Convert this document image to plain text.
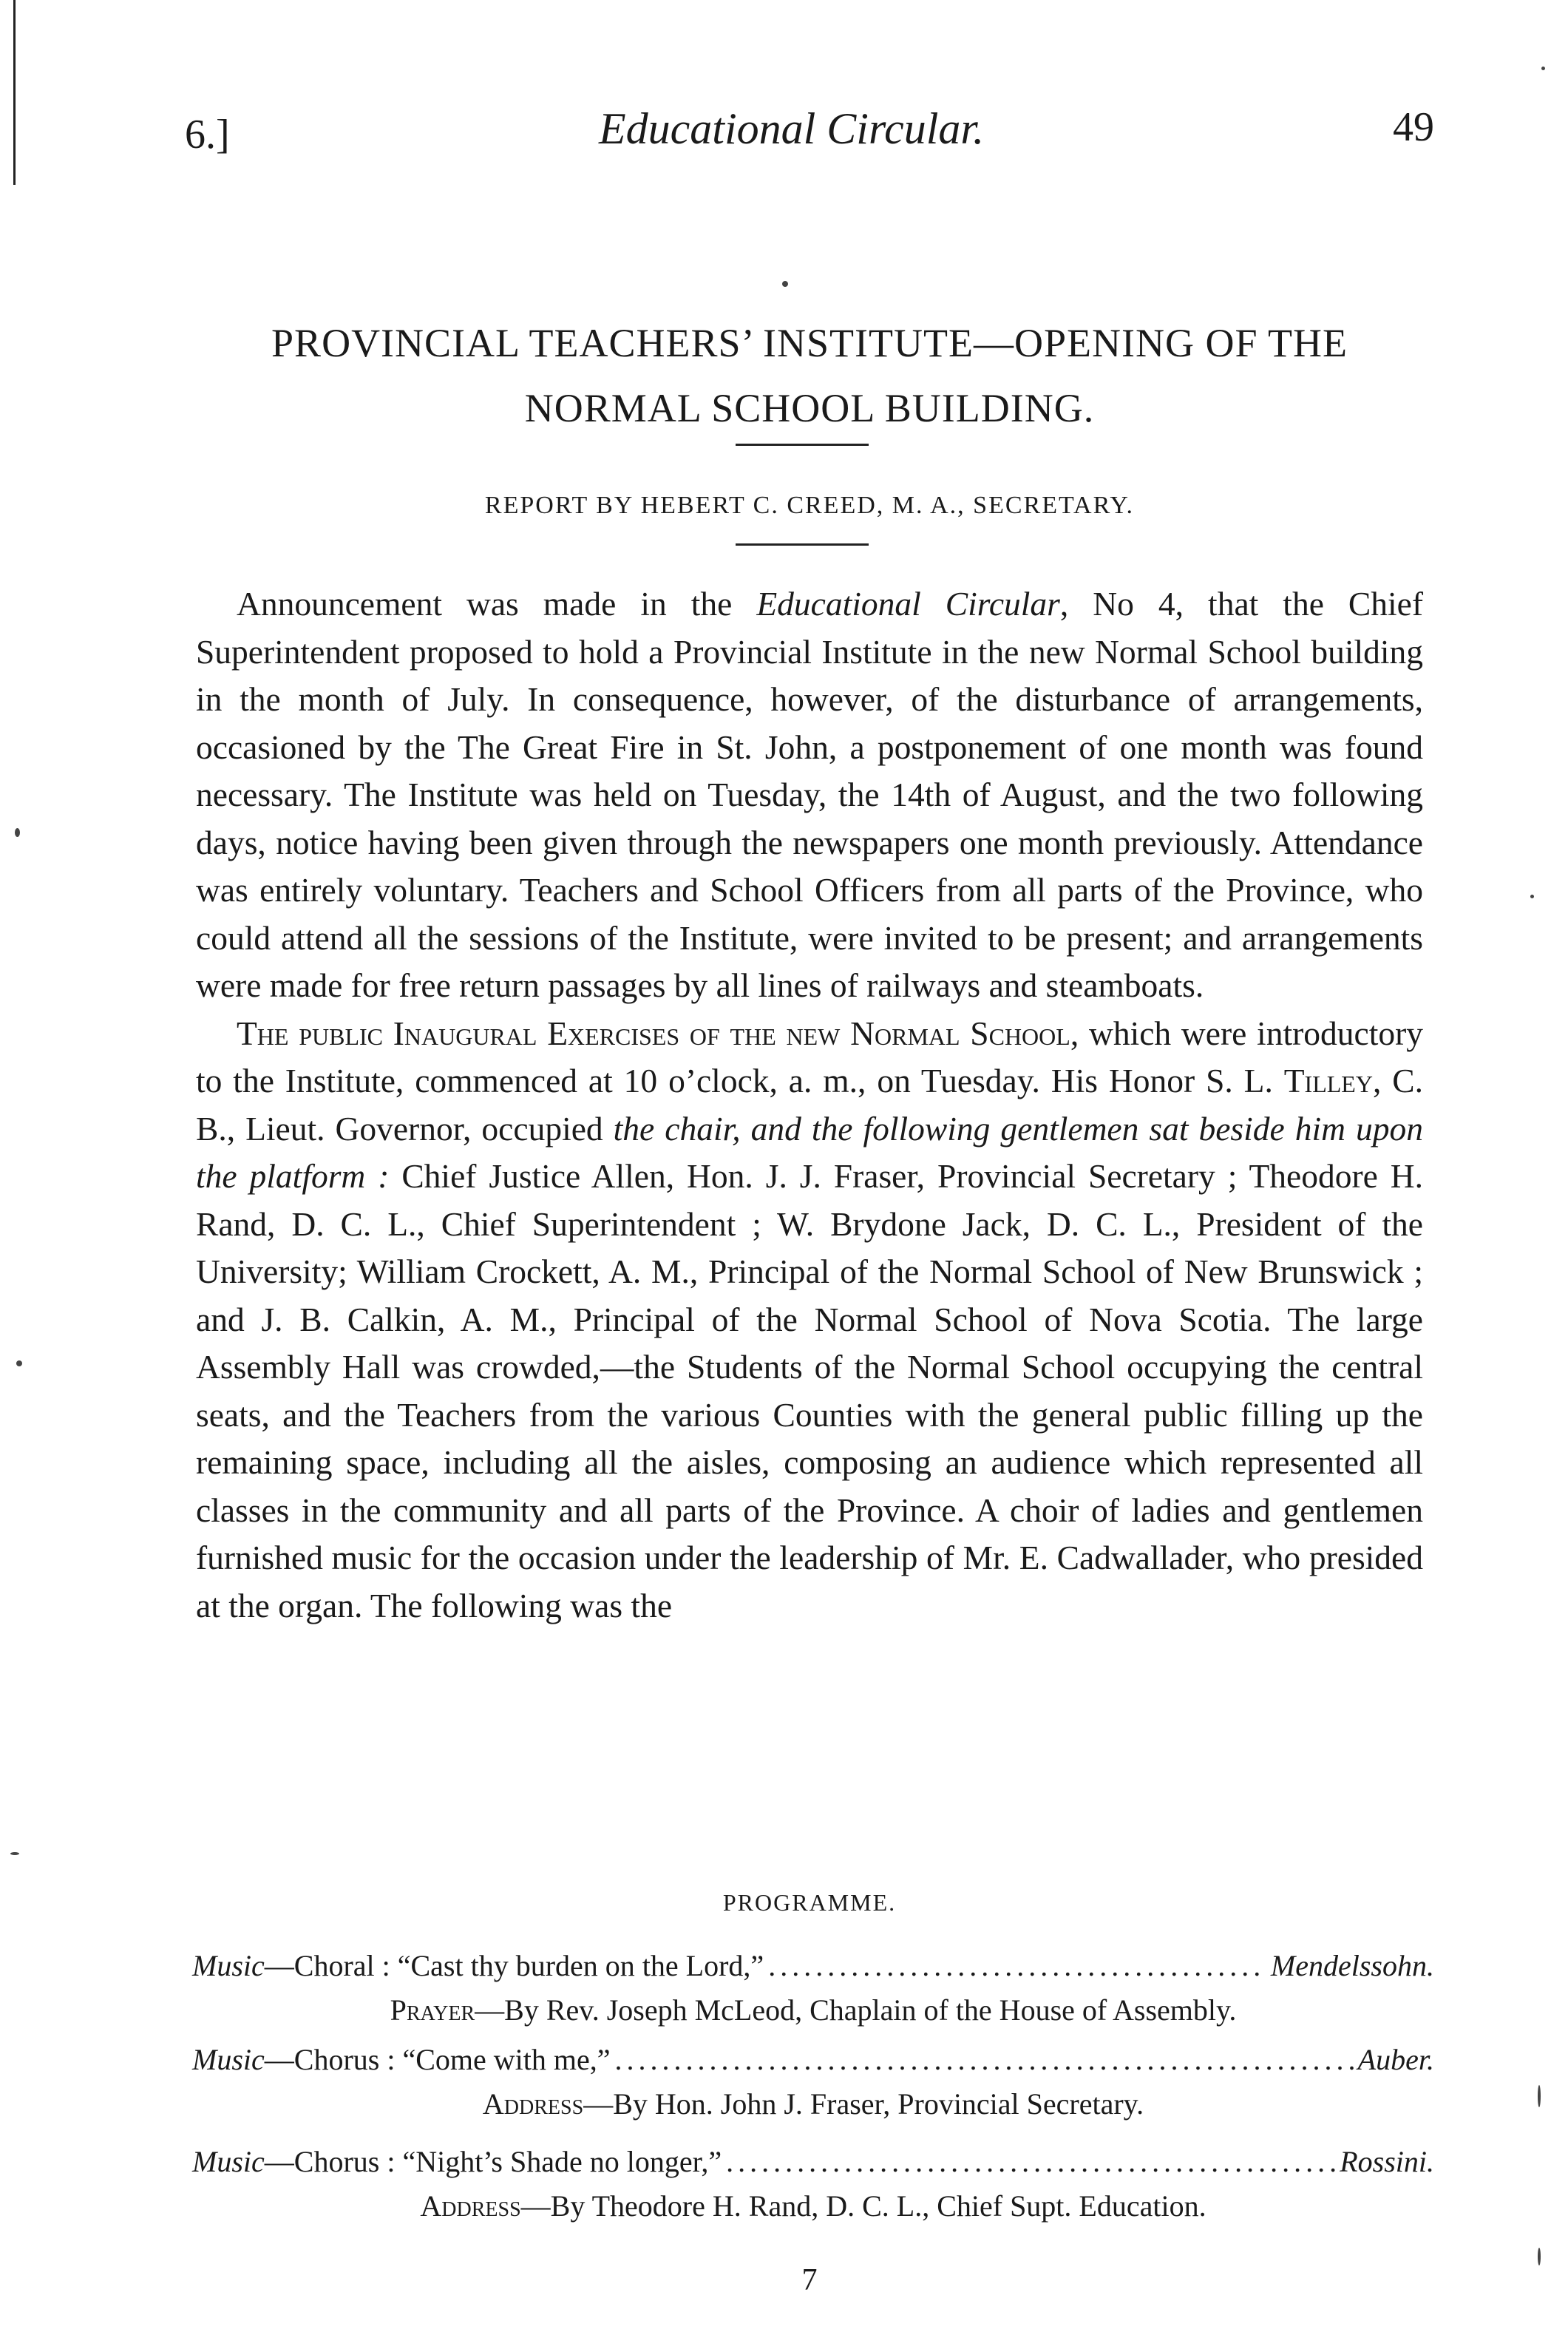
6.]	Educational Circular.	49
PROVINCIAL TEACHERS’ INSTITUTE—OPENING OF THE
NORMAL SCHOOL BUILDING.
REPORT BY HEBERT C. CREED, M. A., SECRETARY.

Announcement was made in the Educational Circular, No 4, that the Chief Superintendent proposed to hold a Provincial Institute in the new Normal School building in the month of July. In consequence, however, of the disturbance of arrangements, occasioned by the The Great Fire in St. John, a postponement of one month was found necessary. The Institute was held on Tuesday, the 14th of August, and the two following days, notice having been given through the newspapers one month previously. Attendance was entirely voluntary. Teachers and School Officers from all parts of the Province, who could attend all the sessions of the Institute, were invited to be present; and arrangements were made for free return passages by all lines of railways and steamboats.

The public Inaugural Exercises of the new Normal School, which were introductory to the Institute, commenced at 10 o’clock, a. m., on Tuesday. His Honor S. L. Tilley, C. B., Lieut. Governor, occupied the chair, and the following gentlemen sat beside him upon the platform : Chief Justice Allen, Hon. J. J. Fraser, Provincial Secretary ; Theodore H. Rand, D. C. L., Chief Superintendent ; W. Brydone Jack, D. C. L., President of the University; William Crockett, A. M., Principal of the Normal School of New Brunswick ; and J. B. Calkin, A. M., Principal of the Normal School of Nova Scotia. The large Assembly Hall was crowded,—the Students of the Normal School occupying the central seats, and the Teachers from the various Counties with the general public filling up the remaining space, including all the aisles, composing an audience which represented all classes in the community and all parts of the Province. A choir of ladies and gentlemen furnished music for the occasion under the leadership of Mr. E. Cadwallader, who presided at the organ. The following was the

PROGRAMME.
Music —Choral : “Cast thy burden on the Lord,” .....	Mendelssohn.
Prayer—By Rev. Joseph McLeod, Chaplain of the House of Assembly.
Music —Chorus : “Come with me,” .....	Auber.
Address—By Hon. John J. Fraser, Provincial Secretary.
Music —Chorus : “Night’s Shade no longer,” .....	Rossini.
Address—By Theodore H. Rand, D. C. L., Chief Supt. Education.
7
